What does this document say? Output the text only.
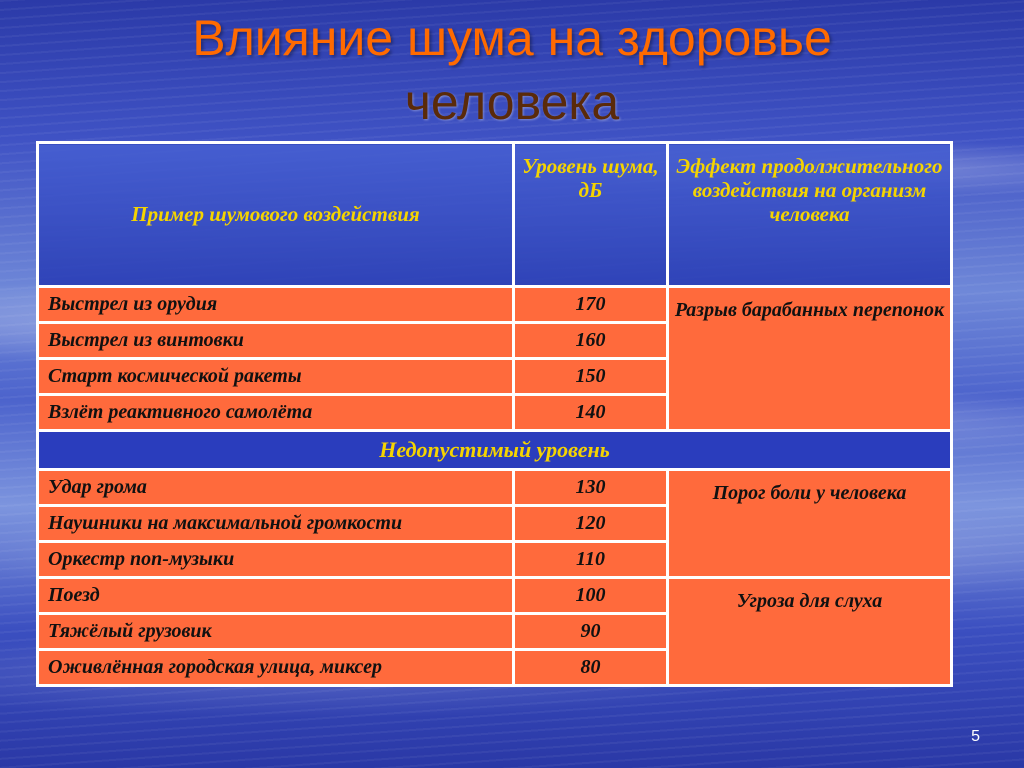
Влияние шума на здоровье
человека
Пример шумового воздействия	Уровень шума, дБ	Эффект продолжительного воздействия на организм человека
Выстрел из орудия	170	Разрыв барабанных перепонок
Выстрел из винтовки	160	
Старт космической ракеты	150	
Взлёт реактивного самолёта	140	
Недопустимый уровень		
Удар грома	130	Порог боли у человека
Наушники на максимальной громкости	120	
Оркестр поп-музыки	110	
Поезд	100	Угроза для слуха
Тяжёлый грузовик	90	
Оживлённая городская улица, миксер	80	
5
